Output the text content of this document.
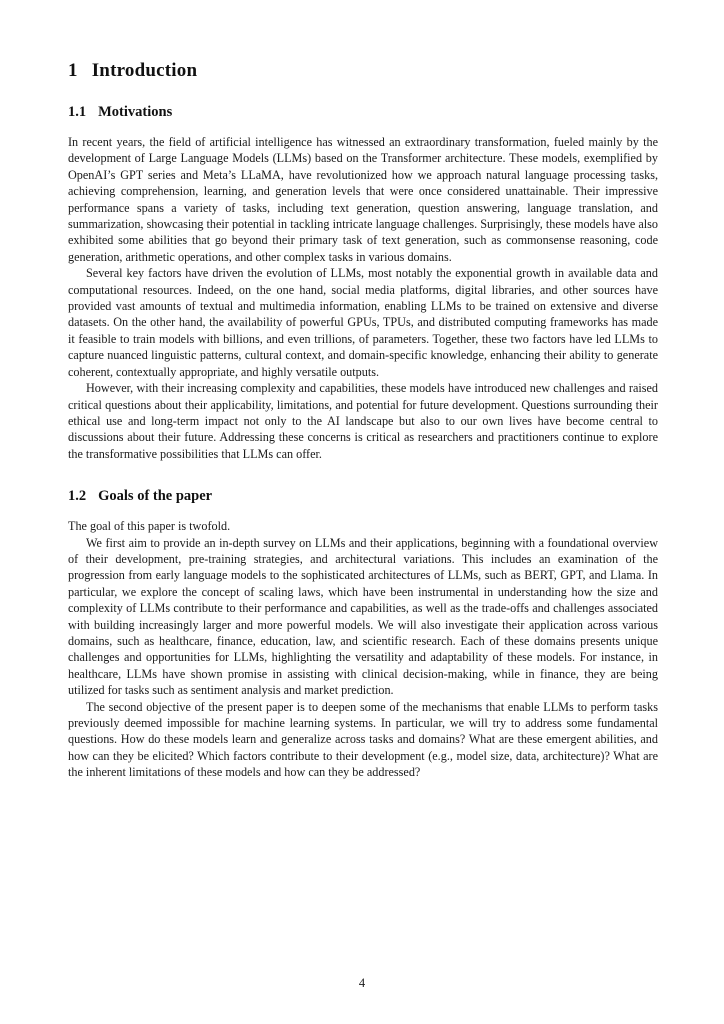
1 Introduction
1.1 Motivations

In recent years, the field of artificial intelligence has witnessed an extraordinary transformation, fueled mainly by the development of Large Language Models (LLMs) based on the Transformer architecture. These models, exemplified by OpenAI’s GPT series and Meta’s LLaMA, have revolutionized how we approach natural language processing tasks, achieving comprehension, learning, and generation levels that were once considered unattainable. Their impressive performance spans a variety of tasks, including text generation, question answering, language translation, and summarization, showcasing their potential in tackling intricate language challenges. Surprisingly, these models have also exhibited some abilities that go beyond their primary task of text generation, such as commonsense reasoning, code generation, arithmetic operations, and other complex tasks in various domains.

Several key factors have driven the evolution of LLMs, most notably the exponential growth in available data and computational resources. Indeed, on the one hand, social media platforms, digital libraries, and other sources have provided vast amounts of textual and multimedia information, enabling LLMs to be trained on extensive and diverse datasets. On the other hand, the availability of powerful GPUs, TPUs, and distributed computing frameworks has made it feasible to train models with billions, and even trillions, of parameters. Together, these two factors have led LLMs to capture nuanced linguistic patterns, cultural context, and domain-specific knowledge, enhancing their ability to generate coherent, contextually appropriate, and highly versatile outputs.

However, with their increasing complexity and capabilities, these models have introduced new challenges and raised critical questions about their applicability, limitations, and potential for future development. Questions surrounding their ethical use and long-term impact not only to the AI landscape but also to our own lives have become central to discussions about their future. Addressing these concerns is critical as researchers and practitioners continue to explore the transformative possibilities that LLMs can offer.

1.2 Goals of the paper

The goal of this paper is twofold.

We first aim to provide an in-depth survey on LLMs and their applications, beginning with a foundational overview of their development, pre-training strategies, and architectural variations. This includes an examination of the progression from early language models to the sophisticated architectures of LLMs, such as BERT, GPT, and Llama. In particular, we explore the concept of scaling laws, which have been instrumental in understanding how the size and complexity of LLMs contribute to their performance and capabilities, as well as the trade-offs and challenges associated with building increasingly larger and more powerful models. We will also investigate their application across various domains, such as healthcare, finance, education, law, and scientific research. Each of these domains presents unique challenges and opportunities for LLMs, highlighting the versatility and adaptability of these models. For instance, in healthcare, LLMs have shown promise in assisting with clinical decision-making, while in finance, they are being utilized for tasks such as sentiment analysis and market prediction.

The second objective of the present paper is to deepen some of the mechanisms that enable LLMs to perform tasks previously deemed impossible for machine learning systems. In particular, we will try to address some fundamental questions. How do these models learn and generalize across tasks and domains? What are these emergent abilities, and how can they be elicited? Which factors contribute to their development (e.g., model size, data, architecture)? What are the inherent limitations of these models and how can they be addressed?

4
